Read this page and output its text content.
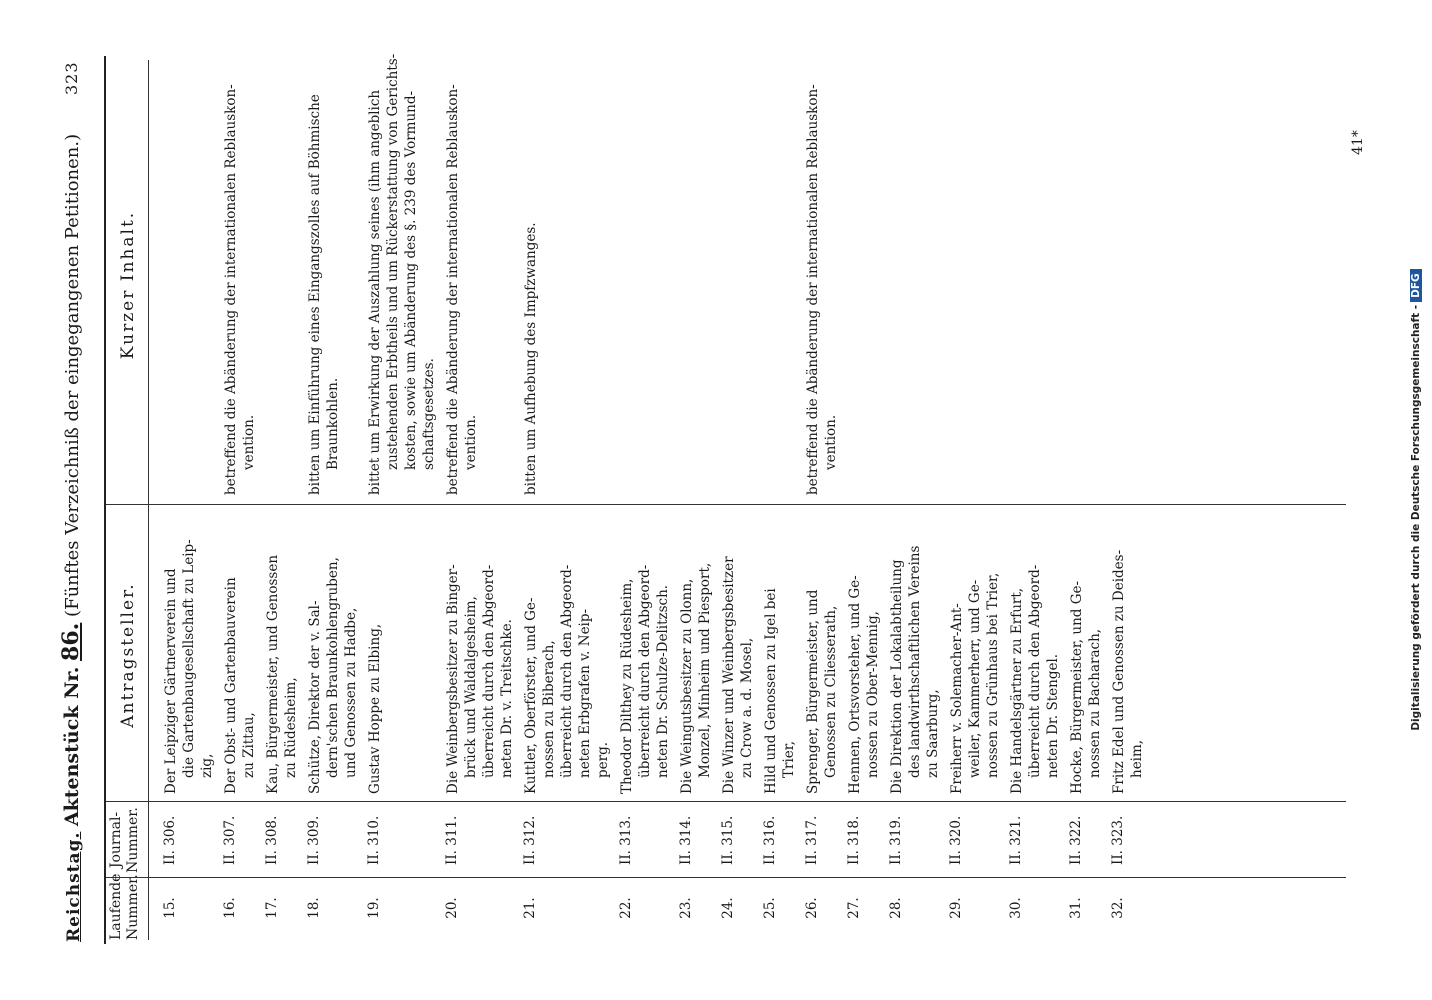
Reichstag.
Aktenstück Nr. 86. (Fünftes Verzeichniß der eingegangenen Petitionen.)
323
Laufende Nummer.
Journal-Nummer.
Antragsteller.
Kurzer Inhalt.
15.
II. 306.
Der Leipziger Gärtnerverein und die Gartenbaugesellschaft zu Leip- zig,
16.
II. 307.
Der Obst- und Gartenbauverein zu Zittau,
betreffend die Abänderung der internationalen Reblauskon- vention.
17.
II. 308.
Kau, Bürgermeister, und Genossen zu Rüdesheim,
18.
II. 309.
Schütze, Direktor der v. Sal- dern'schen Braunkohlengruben, und Genossen zu Hadbe,
bitten um Einführung eines Eingangszolles auf Böhmische Braunkohlen.
19.
II. 310.
Gustav Hoppe zu Elbing,
bittet um Erwirkung der Auszahlung seines (ihm angeblich zustehenden Erbtheils und um Rückerstattung von Gerichts- kosten, sowie um Abänderung des §. 239 des Vormund- schaftsgesetzes.
20.
II. 311.
Die Weinbergsbesitzer zu Binger- brück und Waldalgesheim, überreicht durch den Abgeord- neten Dr. v. Treitschke.
betreffend die Abänderung der internationalen Reblauskon- vention.
21.
II. 312.
Kuttler, Oberförster, und Ge- nossen zu Biberach, überreicht durch den Abgeord- neten Erbgrafen v. Neip- perg.
bitten um Aufhebung des Impfzwanges.
22.
II. 313.
Theodor Dilthey zu Rüdesheim, überreicht durch den Abgeord- neten Dr. Schulze-Delitzsch.
23.
II. 314.
Die Weingutsbesitzer zu Olonn, Monzel, Minheim und Piesport,
24.
II. 315.
Die Winzer und Weinbergsbesitzer zu Crow a. d. Mosel,
25.
II. 316.
Hild und Genossen zu Igel bei Trier,
26.
II. 317.
Sprenger, Bürgermeister, und Genossen zu Cliesserath,
betreffend die Abänderung der internationalen Reblauskon- vention.
27.
II. 318.
Hennen, Ortsvorsteher, und Ge- nossen zu Ober-Mennig,
28.
II. 319.
Die Direktion der Lokalabtheilung des landwirthschaftlichen Vereins zu Saarburg,
29.
II. 320.
Freiherr v. Solemacher-Ant- weiler, Kammerherr, und Ge- nossen zu Grünhaus bei Trier,
30.
II. 321.
Die Handelsgärtner zu Erfurt, überreicht durch den Abgeord- neten Dr. Stengel.
31.
II. 322.
Hocke, Bürgermeister, und Ge- nossen zu Bacharach,
32.
II. 323.
Fritz Edel und Genossen zu Deides- heim,
41*
Digitalisierung gefördert durch die Deutsche Forschungsgemeinschaft -DFG
